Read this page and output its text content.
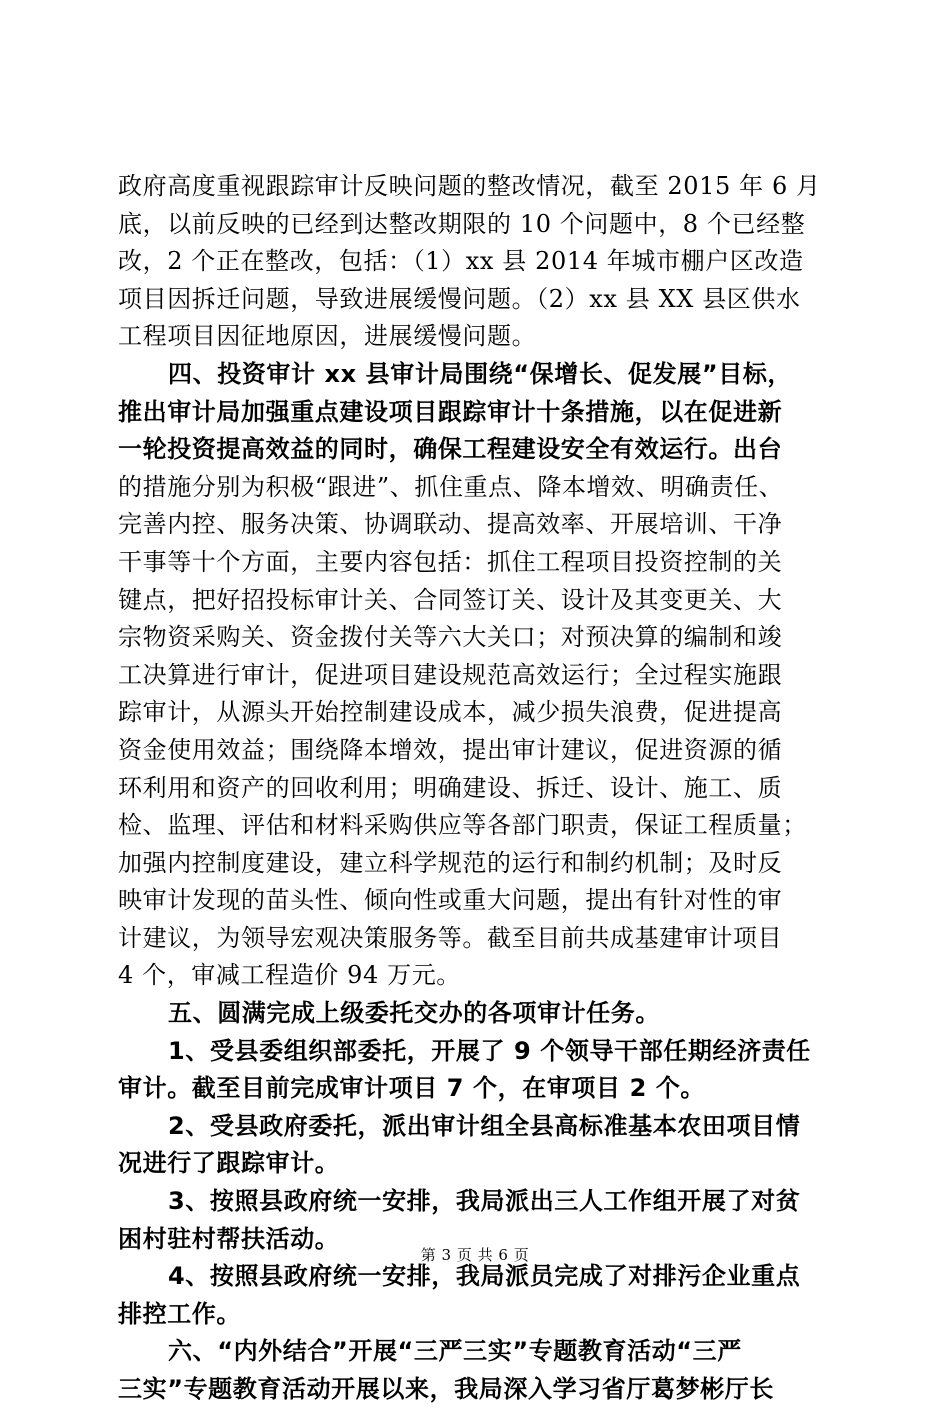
政府高度重视跟踪审计反映问题的整改情况，截至 2015 年 6 月
底，以前反映的已经到达整改期限的 10 个问题中，8 个已经整
改，2 个正在整改，包括：（1）xx 县 2014 年城市棚户区改造
项目因拆迁问题，导致进展缓慢问题。（2）xx 县 XX 县区供水
工程项目因征地原因，进展缓慢问题。
四、投资审计 xx 县审计局围绕“保增长、促发展”目标，
推出审计局加强重点建设项目跟踪审计十条措施，以在促进新
一轮投资提高效益的同时，确保工程建设安全有效运行。出台
的措施分别为积极“跟进”、抓住重点、降本增效、明确责任、
完善内控、服务决策、协调联动、提高效率、开展培训、干净
干事等十个方面，主要内容包括：抓住工程项目投资控制的关
键点，把好招投标审计关、合同签订关、设计及其变更关、大
宗物资采购关、资金拨付关等六大关口；对预决算的编制和竣
工决算进行审计，促进项目建设规范高效运行；全过程实施跟
踪审计，从源头开始控制建设成本，减少损失浪费，促进提高
资金使用效益；围绕降本增效，提出审计建议，促进资源的循
环利用和资产的回收利用；明确建设、拆迁、设计、施工、质
检、监理、评估和材料采购供应等各部门职责，保证工程质量；
加强内控制度建设，建立科学规范的运行和制约机制；及时反
映审计发现的苗头性、倾向性或重大问题，提出有针对性的审
计建议，为领导宏观决策服务等。截至目前共成基建审计项目
4 个，审减工程造价 94 万元。
五、圆满完成上级委托交办的各项审计任务。
1、受县委组织部委托，开展了 9 个领导干部任期经济责任
审计。截至目前完成审计项目 7 个，在审项目 2 个。
2、受县政府委托，派出审计组全县高标准基本农田项目情
况进行了跟踪审计。
3、按照县政府统一安排，我局派出三人工作组开展了对贫
困村驻村帮扶活动。
4、按照县政府统一安排，我局派员完成了对排污企业重点
排控工作。
六、“内外结合”开展“三严三实”专题教育活动“三严
三实”专题教育活动开展以来，我局深入学习省厅葛梦彬厅长
第 3 页 共 6 页
